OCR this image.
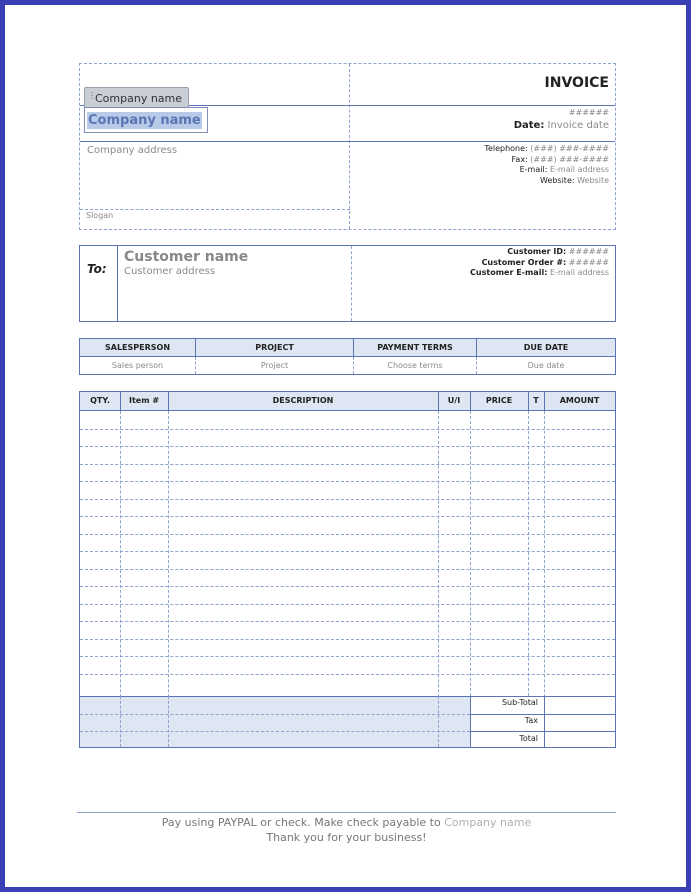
INVOICE
######
Date: Invoice date
Company address
Slogan
Telephone: (###) ###-####
Fax: (###) ###-####
E-mail: E-mail address
Website: Website
⋮ Company name
Company name
To:
Customer name
Customer address
Customer ID: ######
Customer Order #: ######
Customer E-mail: E-mail address
SALESPERSON	PROJECT	PAYMENT TERMS	DUE DATE
Sales person	Project	Choose terms	Due date
QTY.	Item #	DESCRIPTION	U/I	PRICE	T	AMOUNT
Sub-Total
Tax
Total
Pay using PAYPAL or check. Make check payable to Company name
Thank you for your business!
